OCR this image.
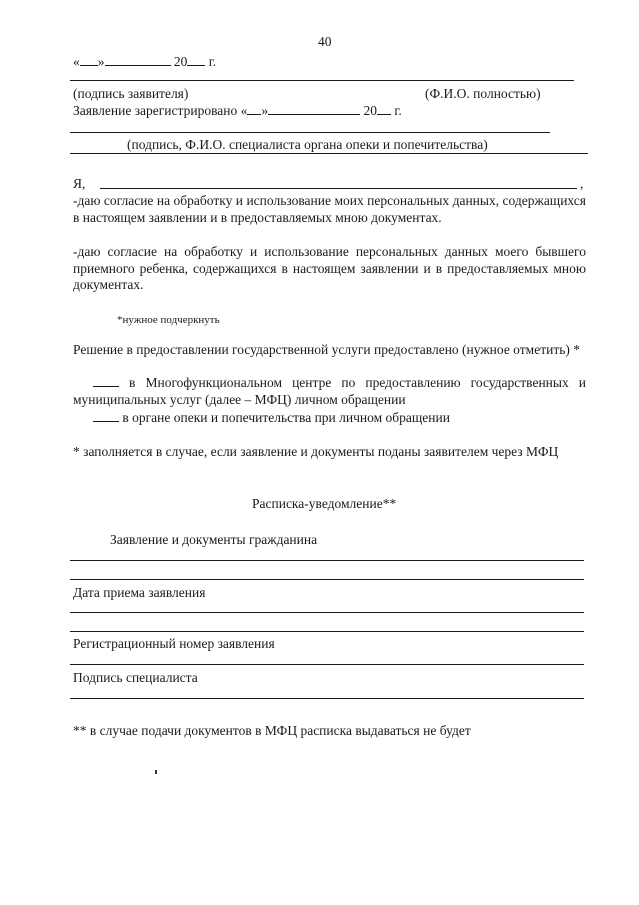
40
« »	20 г.
(подпись заявителя)	(Ф.И.О. полностью)
Заявление зарегистрировано « »	20 г.
(подпись, Ф.И.О. специалиста органа опеки и попечительства)
Я,	,

-даю согласие на обработку и использование моих персональных данных, содержащихся в настоящем заявлении и в предоставляемых мною документах.

-даю согласие на обработку и использование персональных данных моего бывшего приемного ребенка, содержащихся в настоящем заявлении и в предоставляемых мною документах.

*нужное подчеркнуть

Решение в предоставлении государственной услуги предоставлено (нужное отметить) *

в Многофункциональном центре по предоставлению государственных и муниципальных услуг (далее – МФЦ) личном обращении
в органе опеки и попечительства при личном обращении

* заполняется в случае, если заявление и документы поданы заявителем через МФЦ

Расписка-уведомление**
Заявление и документы гражданина
Дата приема заявления
Регистрационный номер заявления
Подпись специалиста
** в случае подачи документов в МФЦ расписка выдаваться не будет
